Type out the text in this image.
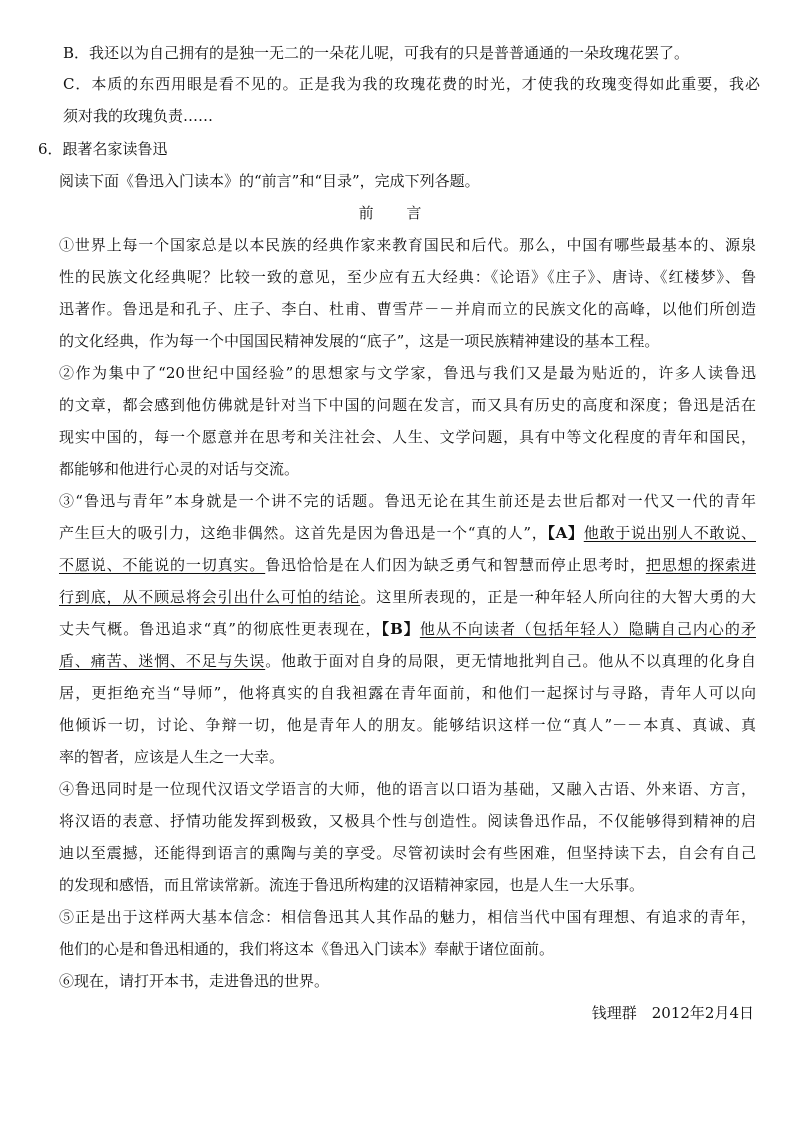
B．我还以为自己拥有的是独一无二的一朵花儿呢，可我有的只是普普通通的一朵玫瑰花罢了。
C．本质的东西用眼是看不见的。正是我为我的玫瑰花费的时光，才使我的玫瑰变得如此重要，我必
须对我的玫瑰负责……
6．跟著名家读鲁迅
阅读下面《鲁迅入门读本》的“前言”和“目录”，完成下列各题。
前 言
①世界上每一个国家总是以本民族的经典作家来教育国民和后代。那么，中国有哪些最基本的、源泉
性的民族文化经典呢？比较一致的意见，至少应有五大经典：《论语》《庄子》、唐诗、《红楼梦》、鲁
迅著作。鲁迅是和孔子、庄子、李白、杜甫、曹雪芹－－并肩而立的民族文化的高峰，以他们所创造
的文化经典，作为每一个中国国民精神发展的“底子”，这是一项民族精神建设的基本工程。
②作为集中了“20世纪中国经验”的思想家与文学家，鲁迅与我们又是最为贴近的，许多人读鲁迅
的文章，都会感到他仿佛就是针对当下中国的问题在发言，而又具有历史的高度和深度；鲁迅是活在
现实中国的，每一个愿意并在思考和关注社会、人生、文学问题，具有中等文化程度的青年和国民，
都能够和他进行心灵的对话与交流。
③“鲁迅与青年”本身就是一个讲不完的话题。鲁迅无论在其生前还是去世后都对一代又一代的青年
产生巨大的吸引力，这绝非偶然。这首先是因为鲁迅是一个“真的人”，【A】他敢于说出别人不敢说、
不愿说、不能说的一切真实。鲁迅恰恰是在人们因为缺乏勇气和智慧而停止思考时，把思想的探索进
行到底，从不顾忌将会引出什么可怕的结论。这里所表现的，正是一种年轻人所向往的大智大勇的大
丈夫气概。鲁迅追求“真”的彻底性更表现在，【B】他从不向读者（包括年轻人）隐瞒自己内心的矛
盾、痛苦、迷惘、不足与失误。他敢于面对自身的局限，更无情地批判自己。他从不以真理的化身自
居，更拒绝充当“导师”，他将真实的自我袒露在青年面前，和他们一起探讨与寻路，青年人可以向
他倾诉一切，讨论、争辩一切，他是青年人的朋友。能够结识这样一位“真人”－－本真、真诚、真
率的智者，应该是人生之一大幸。
④鲁迅同时是一位现代汉语文学语言的大师，他的语言以口语为基础，又融入古语、外来语、方言，
将汉语的表意、抒情功能发挥到极致，又极具个性与创造性。阅读鲁迅作品，不仅能够得到精神的启
迪以至震撼，还能得到语言的熏陶与美的享受。尽管初读时会有些困难，但坚持读下去，自会有自己
的发现和感悟，而且常读常新。流连于鲁迅所构建的汉语精神家园，也是人生一大乐事。
⑤正是出于这样两大基本信念：相信鲁迅其人其作品的魅力，相信当代中国有理想、有追求的青年，
他们的心是和鲁迅相通的，我们将这本《鲁迅入门读本》奉献于诸位面前。
⑥现在，请打开本书，走进鲁迅的世界。
钱理群　2012年2月4日
